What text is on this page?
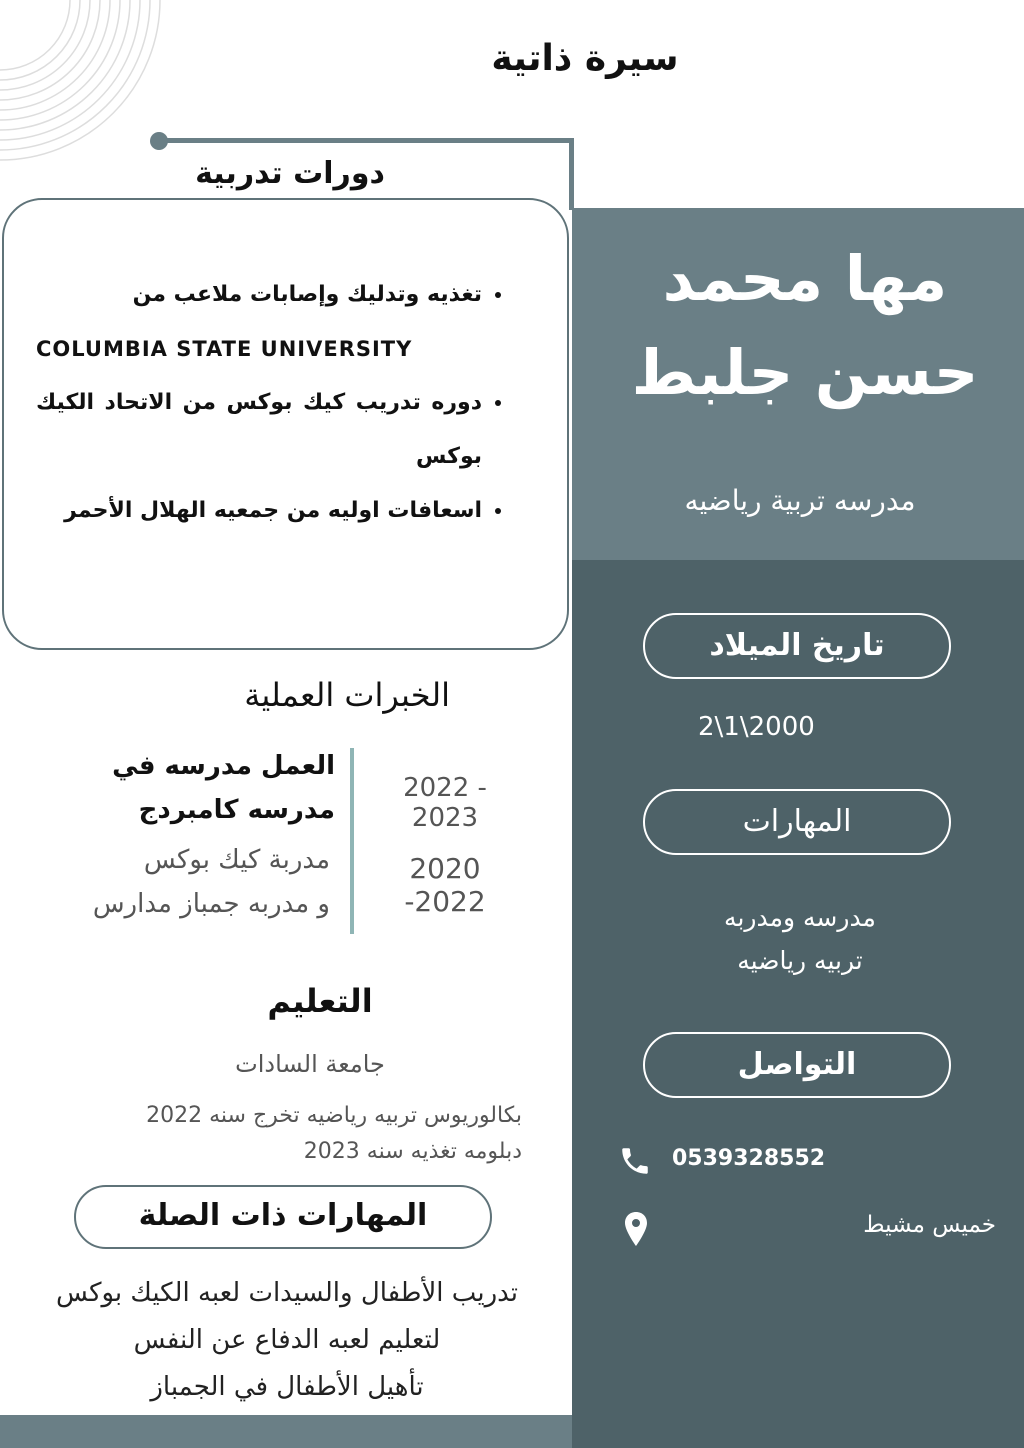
سيرة ذاتية
دورات تدربية
• تغذيه وتدليك وإصابات ملاعب من
COLUMBIA STATE UNIVERSITY
• دوره تدريب كيك بوكس من الاتحاد الكيك بوكس
• اسعافات اوليه من جمعيه الهلال الأحمر
مها محمد
حسن جلبط
مدرسه تربية رياضيه
تاريخ الميلاد
2\1\2000
المهارات
مدرسه ومدربه
تربيه رياضيه
التواصل
0539328552
خميس مشيط
الخبرات العملية
العمل مدرسه في
مدرسه كامبردج
مدربة كيك بوكس
و مدربه جمباز مدارس
2022 - 2023
2020 -2022
التعليم
جامعة السادات
بكالوريوس تربيه رياضيه تخرج سنه 2022
دبلومه تغذيه سنه 2023
المهارات ذات الصلة
تدريب الأطفال والسيدات لعبه الكيك بوكس
لتعليم لعبه الدفاع عن النفس
تأهيل الأطفال في الجمباز
